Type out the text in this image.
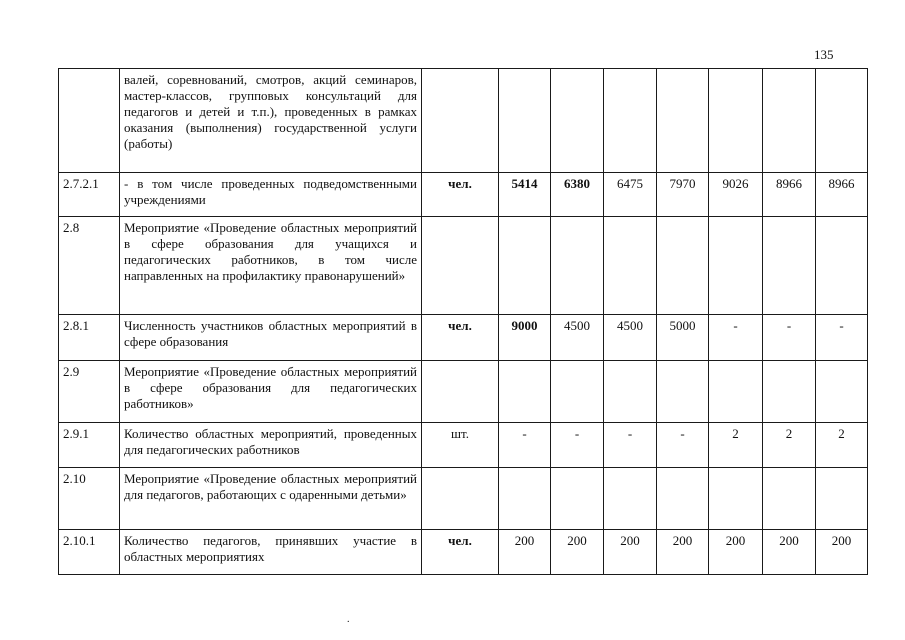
135
	валей, соревнований, смотров, акций семинаров, мастер-классов, групповых консультаций для педагогов и детей и т.п.), проведенных в рамках оказания (выполнения) государственной услуги (работы)								
2.7.2.1	- в том числе проведенных подведомственными учреждениями	чел.	5414	6380	6475	7970	9026	8966	8966
2.8	Мероприятие «Проведение областных мероприятий в сфере образования для учащихся и педагогических работников, в том числе направленных на профилактику правонарушений»								
2.8.1	Численность участников областных мероприятий в сфере образования	чел.	9000	4500	4500	5000	-	-	-
2.9	Мероприятие «Проведение областных мероприятий в сфере образования для педагогических работников»								
2.9.1	Количество областных мероприятий, проведенных для педагогических работников	шт.	-	-	-	-	2	2	2
2.10	Мероприятие «Проведение областных мероприятий для педагогов, работающих с одаренными детьми»								
2.10.1	Количество педагогов, принявших участие в областных мероприятиях	чел.	200	200	200	200	200	200	200
.
